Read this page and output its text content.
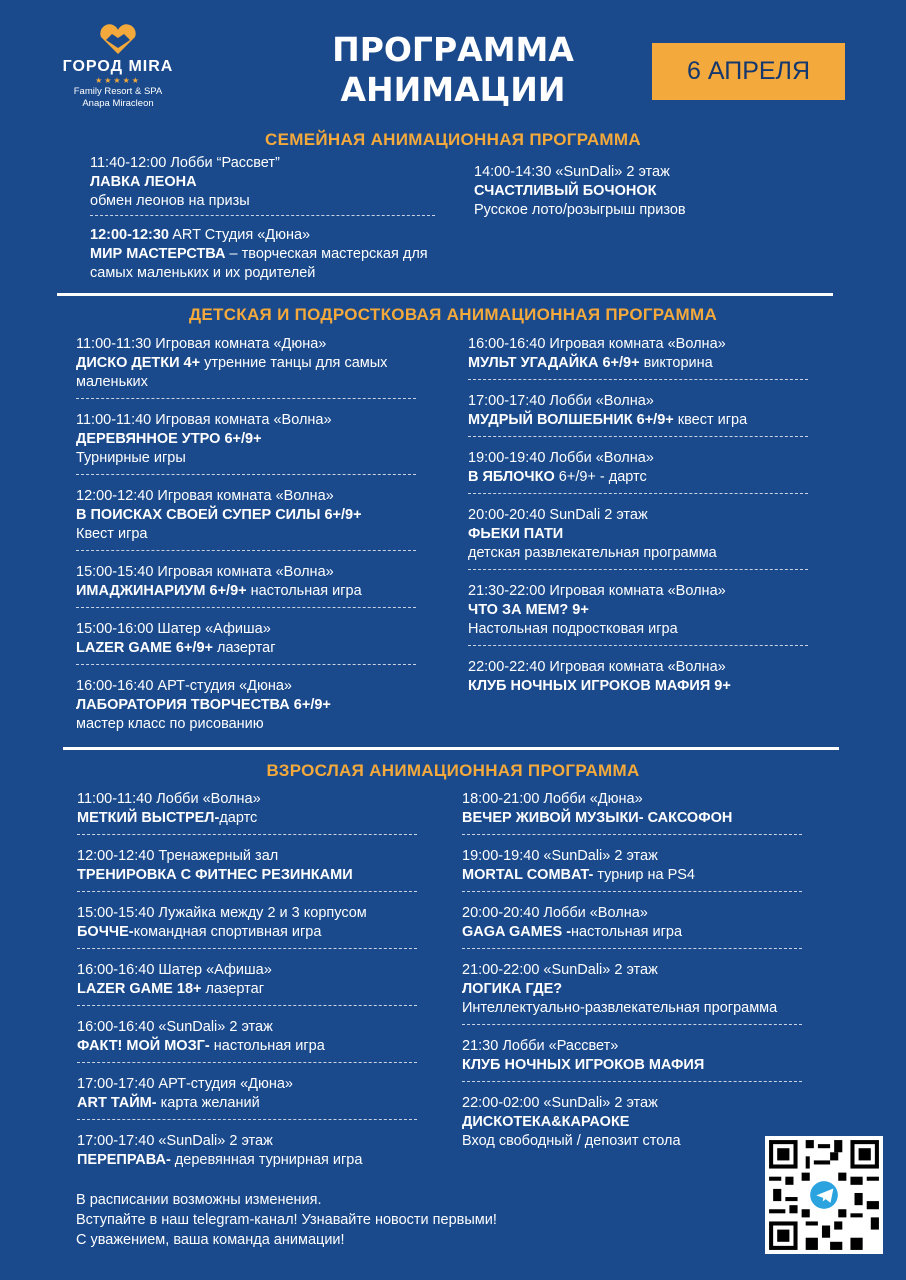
ГОРОД MIRA
★★★★★
Family Resort & SPA
Anapa Miracleon
ПРОГРАММА
АНИМАЦИИ	6 АПРЕЛЯ
СЕМЕЙНАЯ АНИМАЦИОННАЯ ПРОГРАММА
11:40-12:00 Лобби “Рассвет”
ЛАВКА ЛЕОНА
обмен леонов на призы
12:00-12:30 ART Студия «Дюна»
МИР МАСТЕРСТВА – творческая мастерская для самых маленьких и их родителей
14:00-14:30 «SunDali» 2 этаж
СЧАСТЛИВЫЙ БОЧОНОК
Русское лото/розыгрыш призов
ДЕТСКАЯ И ПОДРОСТКОВАЯ АНИМАЦИОННАЯ ПРОГРАММА
11:00-11:30 Игровая комната «Дюна»
ДИСКО ДЕТКИ 4+ утренние танцы для самых маленьких
11:00-11:40 Игровая комната «Волна»
ДЕРЕВЯННОЕ УТРО 6+/9+
Турнирные игры
12:00-12:40 Игровая комната «Волна»
В ПОИСКАХ СВОЕЙ СУПЕР СИЛЫ 6+/9+
Квест игра
15:00-15:40 Игровая комната «Волна»
ИМАДЖИНАРИУМ 6+/9+ настольная игра
15:00-16:00 Шатер «Афиша»
LAZER GAME 6+/9+ лазертаг
16:00-16:40 АРТ-студия «Дюна»
ЛАБОРАТОРИЯ ТВОРЧЕСТВА 6+/9+
мастер класс по рисованию
16:00-16:40 Игровая комната «Волна»
МУЛЬТ УГАДАЙКА 6+/9+ викторина
17:00-17:40 Лобби «Волна»
МУДРЫЙ ВОЛШЕБНИК 6+/9+ квест игра
19:00-19:40 Лобби «Волна»
В ЯБЛОЧКО 6+/9+ - дартс
20:00-20:40 SunDali 2 этаж
ФЬЕКИ ПАТИ
детская развлекательная программа
21:30-22:00 Игровая комната «Волна»
ЧТО ЗА МЕМ? 9+
Настольная подростковая игра
22:00-22:40 Игровая комната «Волна»
КЛУБ НОЧНЫХ ИГРОКОВ МАФИЯ 9+
ВЗРОСЛАЯ АНИМАЦИОННАЯ ПРОГРАММА
11:00-11:40 Лобби «Волна»
МЕТКИЙ ВЫСТРЕЛ-дартс
12:00-12:40 Тренажерный зал
ТРЕНИРОВКА С ФИТНЕС РЕЗИНКАМИ
15:00-15:40 Лужайка между 2 и 3 корпусом
БОЧЧЕ-командная спортивная игра
16:00-16:40 Шатер «Афиша»
LAZER GAME 18+ лазертаг
16:00-16:40 «SunDali» 2 этаж
ФАКТ! МОЙ МОЗГ- настольная игра
17:00-17:40 АРТ-студия «Дюна»
ART ТАЙМ- карта желаний
17:00-17:40 «SunDali» 2 этаж
ПЕРЕПРАВА- деревянная турнирная игра
18:00-21:00 Лобби «Дюна»
ВЕЧЕР ЖИВОЙ МУЗЫКИ- САКСОФОН
19:00-19:40 «SunDali» 2 этаж
MORTAL COMBAT- турнир на PS4
20:00-20:40 Лобби «Волна»
GAGA GAMES -настольная игра
21:00-22:00 «SunDali» 2 этаж
ЛОГИКА ГДЕ?
Интеллектуально-развлекательная программа
21:30 Лобби «Рассвет»
КЛУБ НОЧНЫХ ИГРОКОВ МАФИЯ
22:00-02:00 «SunDali» 2 этаж
ДИСКОТЕКА&КАРАОКЕ
Вход свободный / депозит стола
В расписании возможны изменения.
Вступайте в наш telegram-канал! Узнавайте новости первыми!
С уважением, ваша команда анимации!
